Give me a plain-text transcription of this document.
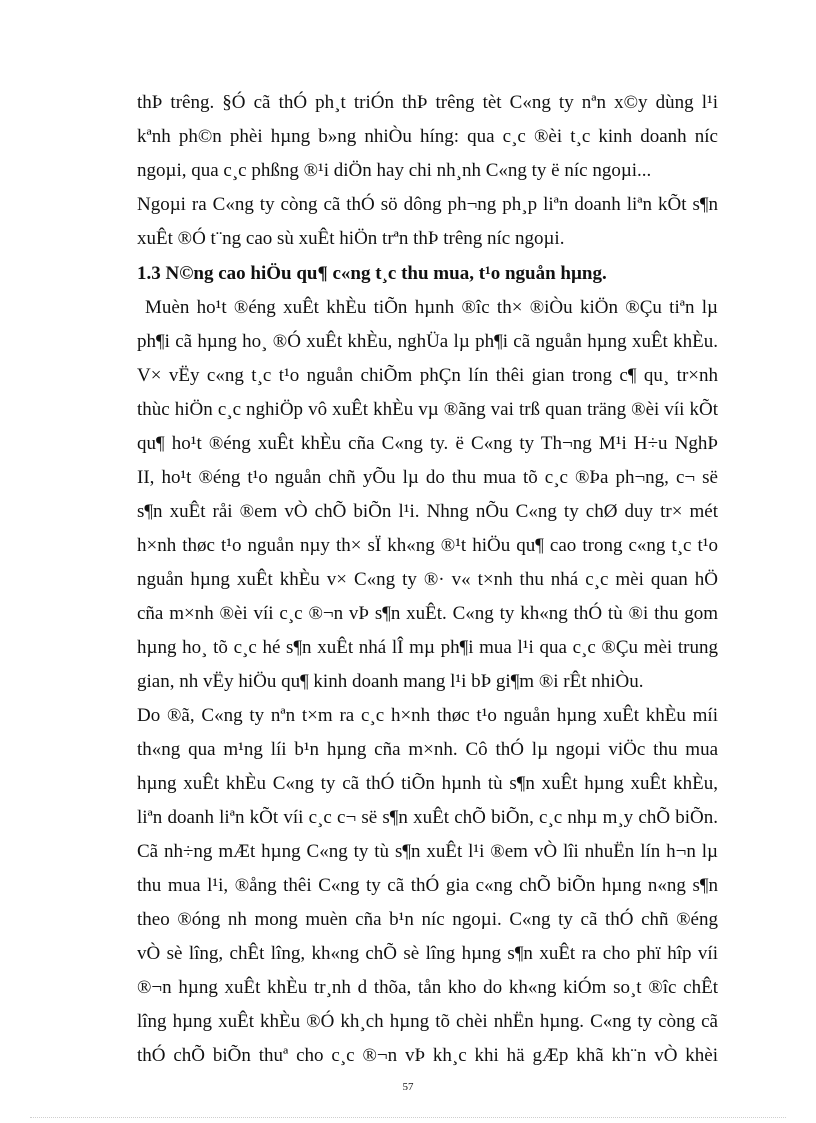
thÞ trêng. §Ó cã thÓ ph¸t triÓn thÞ trêng tèt C«ng ty nªn x©y dùng l¹i
kªnh ph©n phèi hµng b»ng nhiÒu híng: qua c¸c ®èi t¸c kinh doanh níc
ngoµi, qua c¸c phßng ®¹i diÖn hay chi nh¸nh C«ng ty ë níc ngoµi...
Ngoµi ra C«ng ty còng cã thÓ sö dông ph¬ng ph¸p liªn doanh liªn kÕt s¶n
xuÊt ®Ó t¨ng cao sù xuÊt hiÖn trªn thÞ trêng níc ngoµi.
1.3 N©ng cao hiÖu qu¶ c«ng t¸c thu mua, t¹o nguån hµng.
Muèn ho¹t ®éng xuÊt khÈu tiÕn hµnh ®îc th× ®iÒu kiÖn ®Çu tiªn lµ
ph¶i cã hµng ho¸ ®Ó xuÊt khÈu, nghÜa lµ ph¶i cã nguån hµng xuÊt khÈu.
V× vËy c«ng t¸c t¹o nguån chiÕm phÇn lín thêi gian trong c¶ qu¸ tr×nh
thùc hiÖn c¸c nghiÖp vô xuÊt khÈu vµ ®ãng vai trß quan träng ®èi víi kÕt
qu¶ ho¹t ®éng xuÊt khÈu cña C«ng ty. ë C«ng ty Th¬ng M¹i H÷u NghÞ
II, ho¹t ®éng t¹o nguån chñ yÕu lµ do thu mua tõ c¸c ®Þa ph¬ng, c¬ së
s¶n xuÊt råi ®em vÒ chÕ biÕn l¹i. Nhng nÕu C«ng ty chØ duy tr× mét
h×nh thøc t¹o nguån nµy th× sÏ kh«ng ®¹t hiÖu qu¶ cao trong c«ng t¸c t¹o
nguån hµng xuÊt khÈu v× C«ng ty ®· v« t×nh thu nhá c¸c mèi quan hÖ
cña m×nh ®èi víi c¸c ®¬n vÞ s¶n xuÊt. C«ng ty kh«ng thÓ tù ®i thu gom
hµng ho¸ tõ c¸c hé s¶n xuÊt nhá lÎ mµ ph¶i mua l¹i qua c¸c ®Çu mèi trung
gian, nh vËy hiÖu qu¶ kinh doanh mang l¹i bÞ gi¶m ®i rÊt nhiÒu.
Do ®ã, C«ng ty nªn t×m ra c¸c h×nh thøc t¹o nguån hµng xuÊt khÈu míi
th«ng qua m¹ng líi b¹n hµng cña m×nh. Cô thÓ lµ ngoµi viÖc thu mua
hµng xuÊt khÈu C«ng ty cã thÓ tiÕn hµnh tù s¶n xuÊt hµng xuÊt khÈu,
liªn doanh liªn kÕt víi c¸c c¬ së s¶n xuÊt chÕ biÕn, c¸c nhµ m¸y chÕ biÕn.
Cã nh÷ng mÆt hµng C«ng ty tù s¶n xuÊt l¹i ®em vÒ lîi nhuËn lín h¬n lµ
thu mua l¹i, ®ång thêi C«ng ty cã thÓ gia c«ng chÕ biÕn hµng n«ng s¶n
theo ®óng nh mong muèn cña b¹n níc ngoµi. C«ng ty cã thÓ chñ ®éng
vÒ sè lîng, chÊt lîng, kh«ng chÕ sè lîng hµng s¶n xuÊt ra cho phï hîp víi
®¬n hµng xuÊt khÈu tr¸nh d thõa, tån kho do kh«ng kiÓm so¸t ®îc chÊt
lîng hµng xuÊt khÈu ®Ó kh¸ch hµng tõ chèi nhËn hµng. C«ng ty còng cã
thÓ chÕ biÕn thuª cho c¸c ®¬n vÞ kh¸c khi hä gÆp khã kh¨n vÒ khèi
57
